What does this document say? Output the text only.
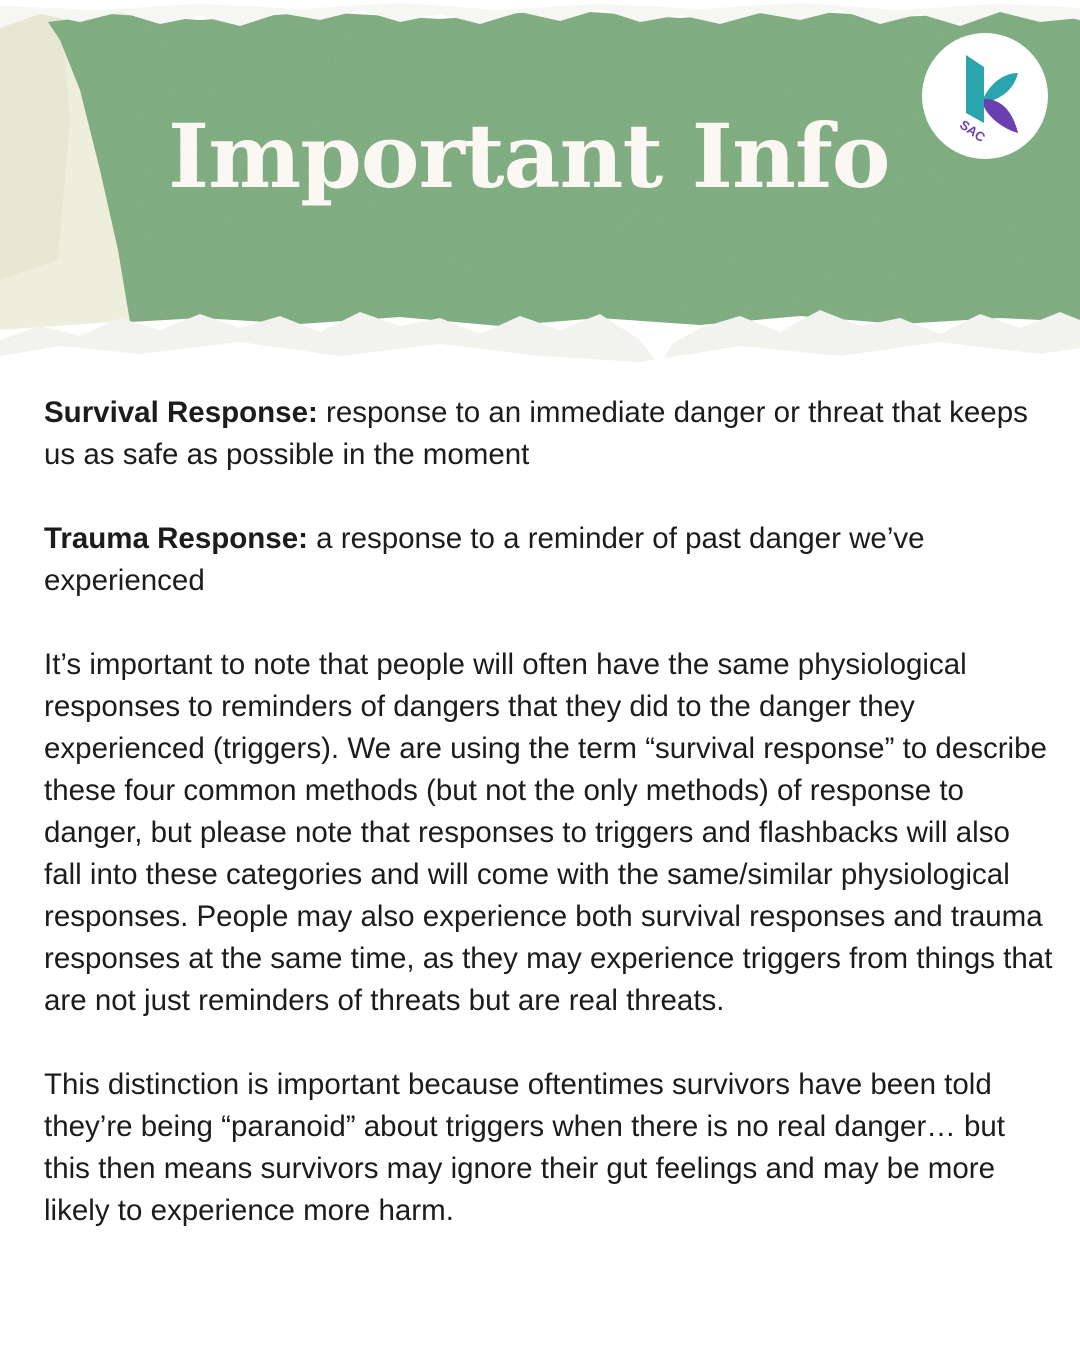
Important Info	SAC

Survival Response: response to an immediate danger or threat that keeps us as safe as possible in the moment

Trauma Response: a response to a reminder of past danger we’ve experienced

It’s important to note that people will often have the same physiological responses to reminders of dangers that they did to the danger they experienced (triggers). We are using the term “survival response” to describe these four common methods (but not the only methods) of response to danger, but please note that responses to triggers and flashbacks will also fall into these categories and will come with the same/similar physiological responses. People may also experience both survival responses and trauma responses at the same time, as they may experience triggers from things that are not just reminders of threats but are real threats.

This distinction is important because oftentimes survivors have been told they’re being “paranoid” about triggers when there is no real danger… but this then means survivors may ignore their gut feelings and may be more likely to experience more harm.
